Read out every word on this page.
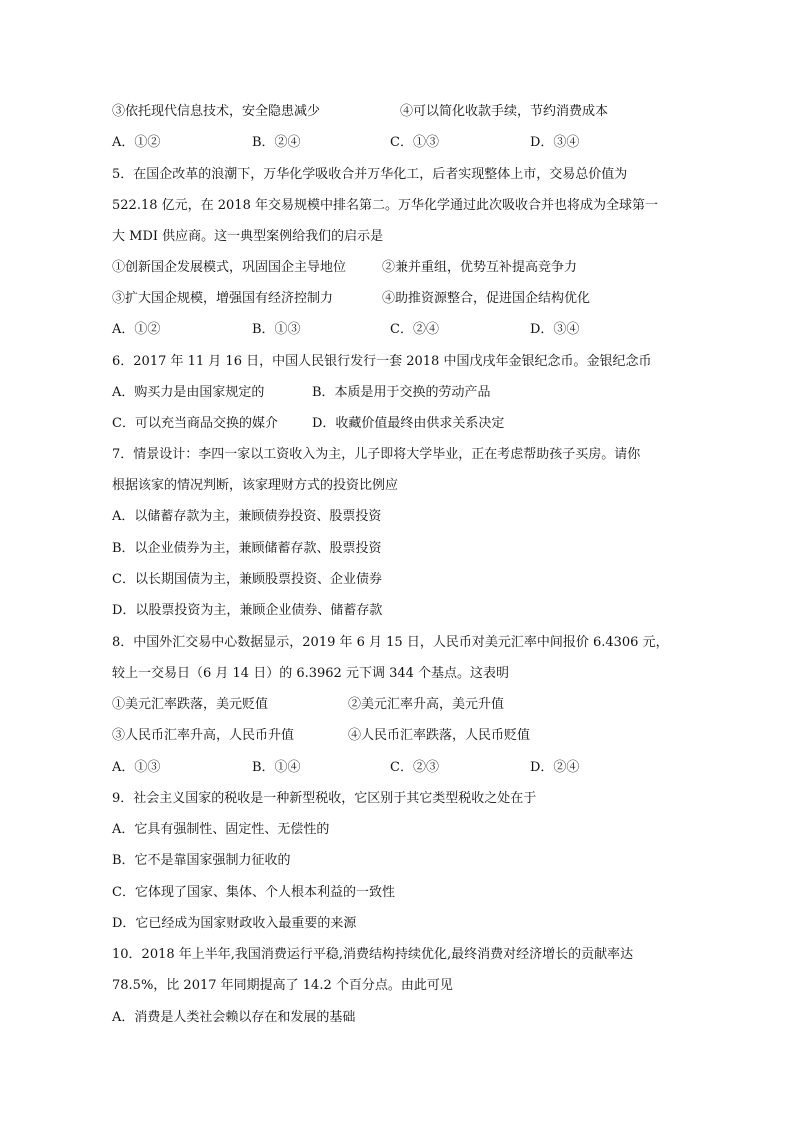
③依托现代信息技术，安全隐患减少	④可以简化收款手续，节约消费成本
A．①②	B．②④	C．①③	D．③④
5．在国企改革的浪潮下，万华化学吸收合并万华化工，后者实现整体上市，交易总价值为
522.18 亿元，在 2018 年交易规模中排名第二。万华化学通过此次吸收合并也将成为全球第一
大 MDI 供应商。这一典型案例给我们的启示是
①创新国企发展模式，巩固国企主导地位	②兼并重组，优势互补提高竞争力
③扩大国企规模，增强国有经济控制力	④助推资源整合，促进国企结构优化
A．①②	B．①③	C．②④	D．③④
6．2017 年 11 月 16 日，中国人民银行发行一套 2018 中国戊戌年金银纪念币。金银纪念币
A．购买力是由国家规定的	B．本质是用于交换的劳动产品
C．可以充当商品交换的媒介	D．收藏价值最终由供求关系决定
7．情景设计：李四一家以工资收入为主，儿子即将大学毕业，正在考虑帮助孩子买房。请你
根据该家的情况判断，该家理财方式的投资比例应
A．以储蓄存款为主，兼顾债券投资、股票投资
B．以企业债券为主，兼顾储蓄存款、股票投资
C．以长期国债为主，兼顾股票投资、企业债券
D．以股票投资为主，兼顾企业债券、储蓄存款
8．中国外汇交易中心数据显示，2019 年 6 月 15 日，人民币对美元汇率中间报价 6.4306 元，
较上一交易日（6 月 14 日）的 6.3962 元下调 344 个基点。这表明
①美元汇率跌落，美元贬值	②美元汇率升高，美元升值
③人民币汇率升高，人民币升值	④人民币汇率跌落，人民币贬值
A．①③	B．①④	C．②③	D．②④
9．社会主义国家的税收是一种新型税收，它区别于其它类型税收之处在于
A．它具有强制性、固定性、无偿性的
B．它不是靠国家强制力征收的
C．它体现了国家、集体、个人根本利益的一致性
D．它已经成为国家财政收入最重要的来源
10．2018 年上半年,我国消费运行平稳,消费结构持续优化,最终消费对经济增长的贡献率达
78.5%，比 2017 年同期提高了 14.2 个百分点。由此可见
A．消费是人类社会赖以存在和发展的基础
